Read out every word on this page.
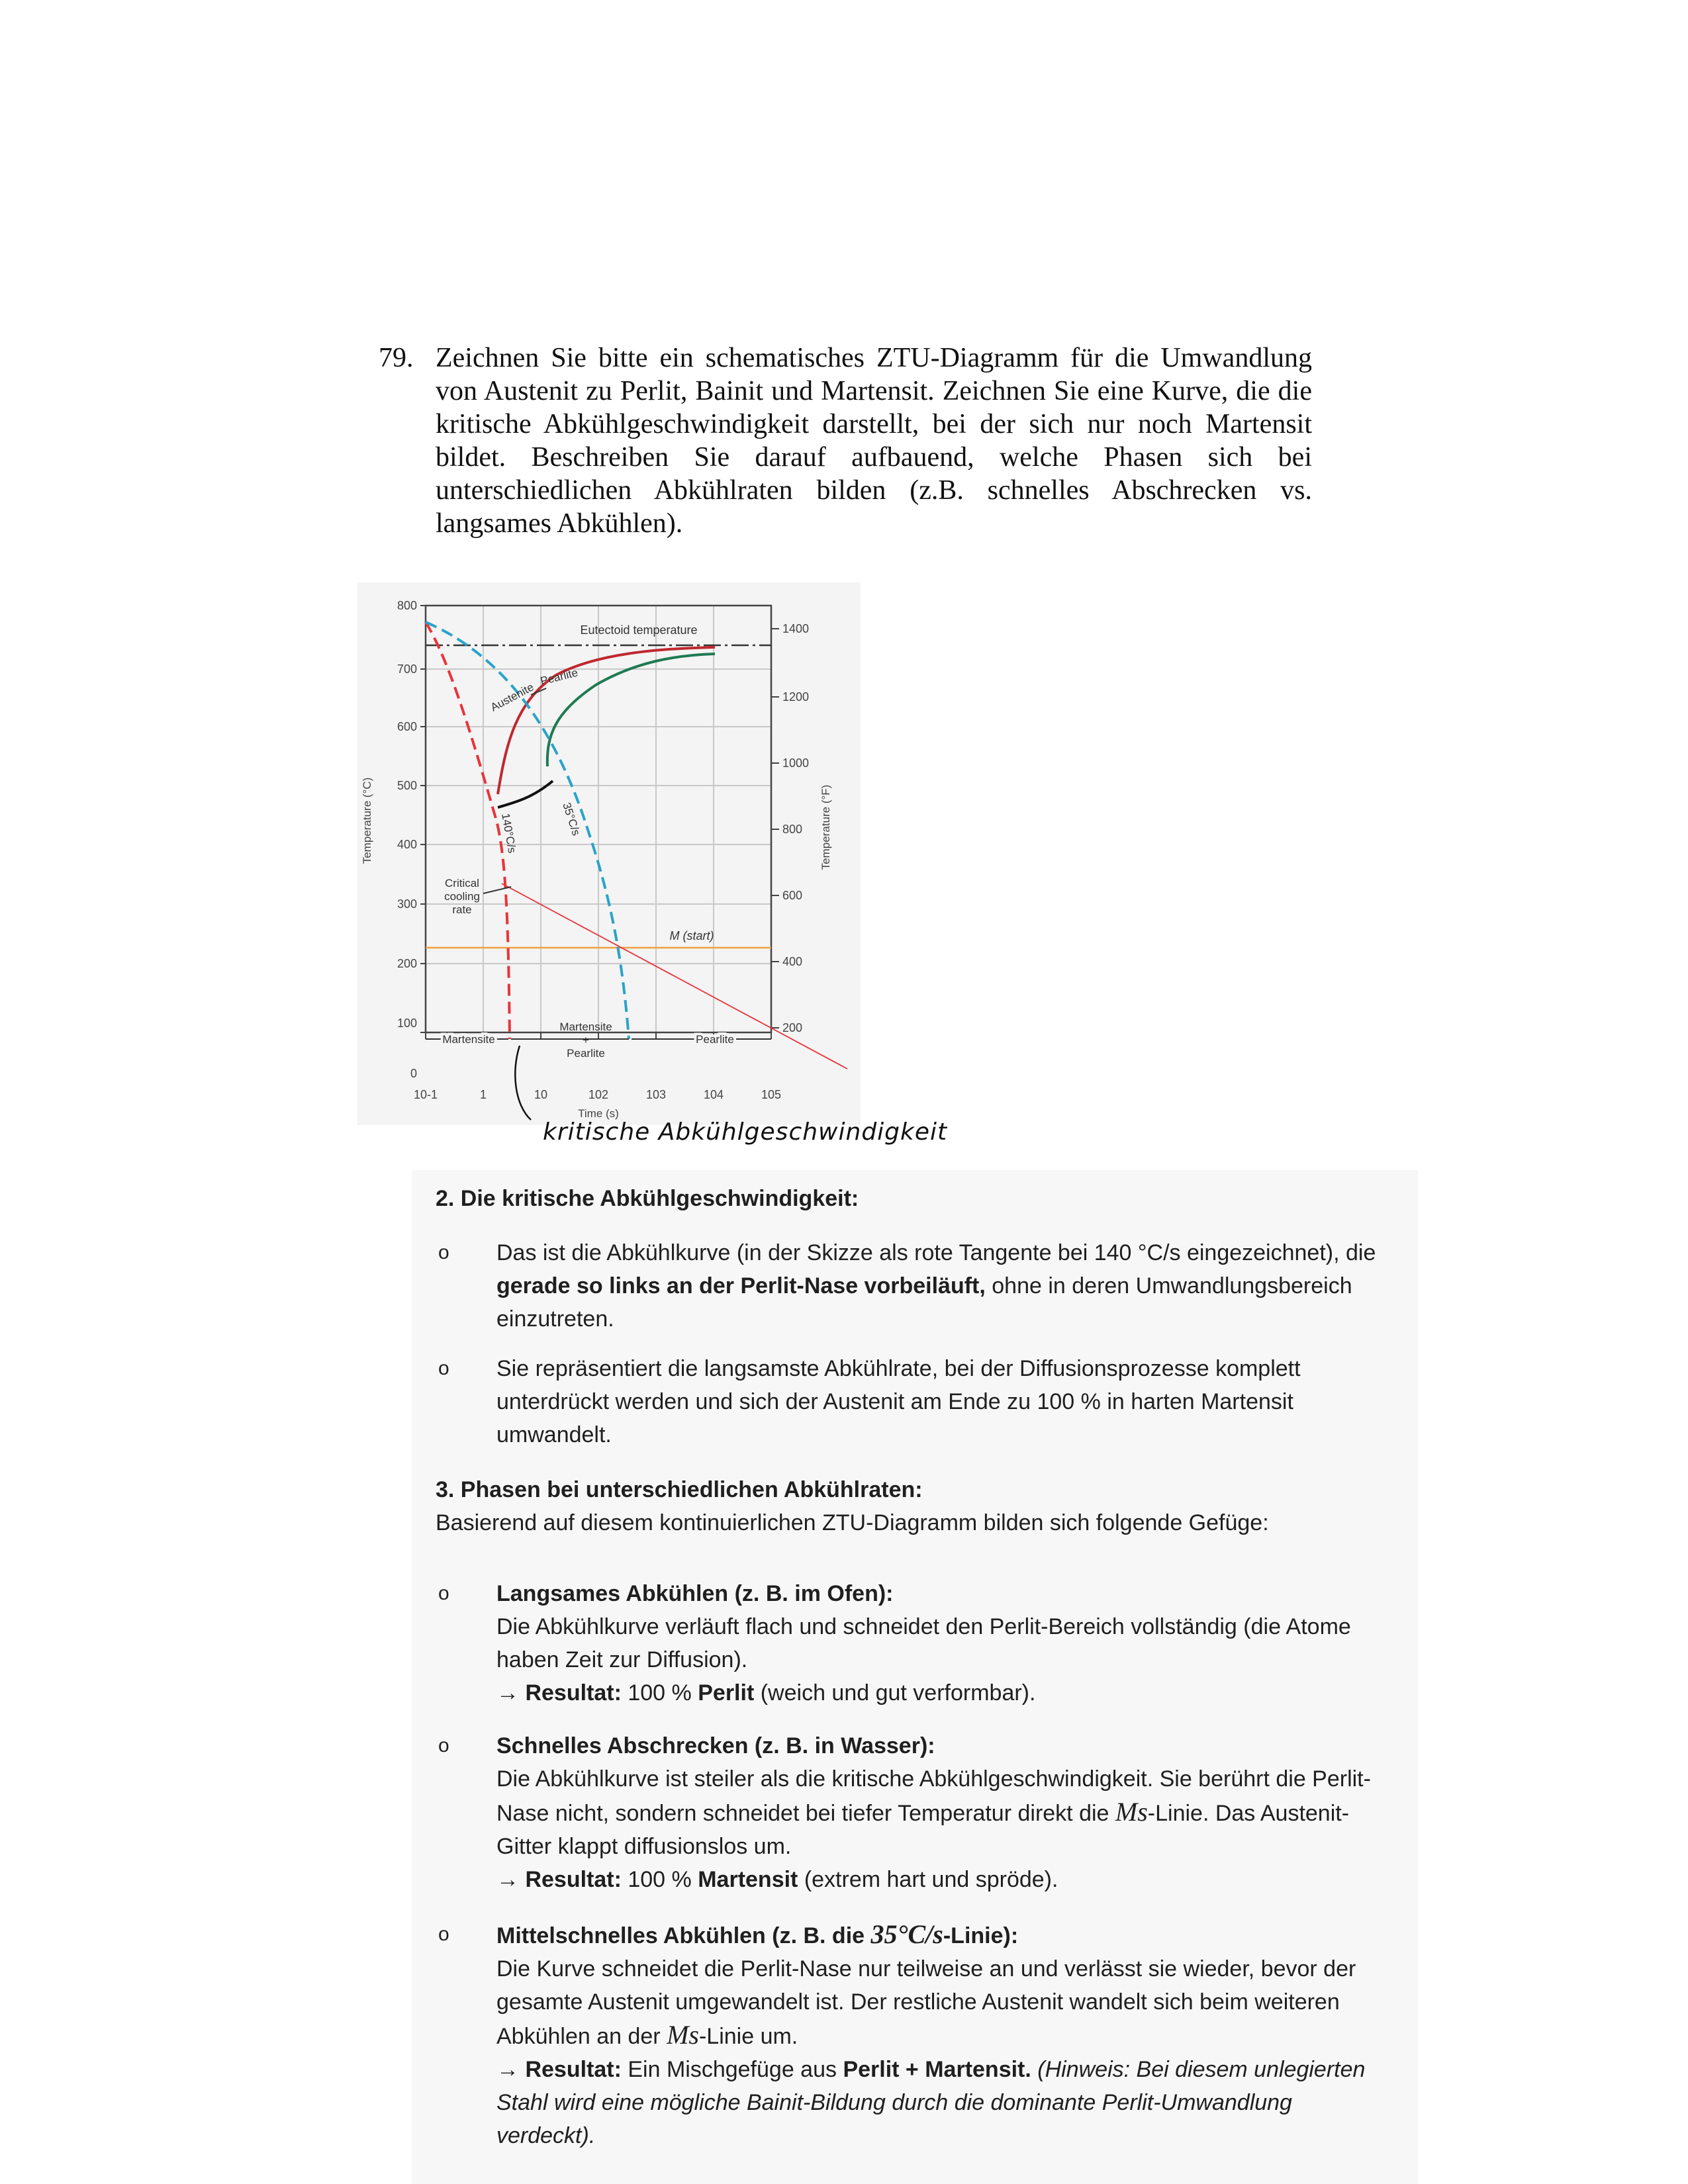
79. Zeichnen Sie bitte ein schematisches ZTU-Diagramm für die Umwandlung von Austenit zu Perlit, Bainit und Martensit. Zeichnen Sie eine Kurve, die die kritische Abkühlgeschwindigkeit darstellt, bei der sich nur noch Martensit bildet. Beschreiben Sie darauf aufbauend, welche Phasen sich bei unterschiedlichen Abkühlraten bilden (z.B. schnelles Abschrecken vs. langsames Abkühlen).
800
700
600
500
400
300
200
100
0
1400
1200
1000
800
600
400
200
10-1	1	10	102	103	104	105
Time (s)
Temperature (°C)	Temperature (°F)
Eutectoid temperature
M (start)
Austenite
Pearlite
140°C/s	35°C/s
Critical
cooling
rate
Martensite
Martensite
+
Pearlite
Pearlite
kritische Abkühlgeschwindigkeit
2. Die kritische Abkühlgeschwindigkeit:
o Das ist die Abkühlkurve (in der Skizze als rote Tangente bei 140 °C/s eingezeichnet), die
gerade so links an der Perlit-Nase vorbeiläuft, ohne in deren Umwandlungsbereich
einzutreten.
o Sie repräsentiert die langsamste Abkühlrate, bei der Diffusionsprozesse komplett
unterdrückt werden und sich der Austenit am Ende zu 100 % in harten Martensit
umwandelt.
3. Phasen bei unterschiedlichen Abkühlraten:
Basierend auf diesem kontinuierlichen ZTU-Diagramm bilden sich folgende Gefüge:
o Langsames Abkühlen (z. B. im Ofen):
Die Abkühlkurve verläuft flach und schneidet den Perlit-Bereich vollständig (die Atome
haben Zeit zur Diffusion).
→ Resultat: 100 % Perlit (weich und gut verformbar).
o Schnelles Abschrecken (z. B. in Wasser):
Die Abkühlkurve ist steiler als die kritische Abkühlgeschwindigkeit. Sie berührt die Perlit-
Nase nicht, sondern schneidet bei tiefer Temperatur direkt die Ms-Linie. Das Austenit-
Gitter klappt diffusionslos um.
→ Resultat: 100 % Martensit (extrem hart und spröde).
o Mittelschnelles Abkühlen (z. B. die 35°C/s-Linie):
Die Kurve schneidet die Perlit-Nase nur teilweise an und verlässt sie wieder, bevor der
gesamte Austenit umgewandelt ist. Der restliche Austenit wandelt sich beim weiteren
Abkühlen an der Ms-Linie um.
→ Resultat: Ein Mischgefüge aus Perlit + Martensit. (Hinweis: Bei diesem unlegierten
Stahl wird eine mögliche Bainit-Bildung durch die dominante Perlit-Umwandlung
verdeckt).
